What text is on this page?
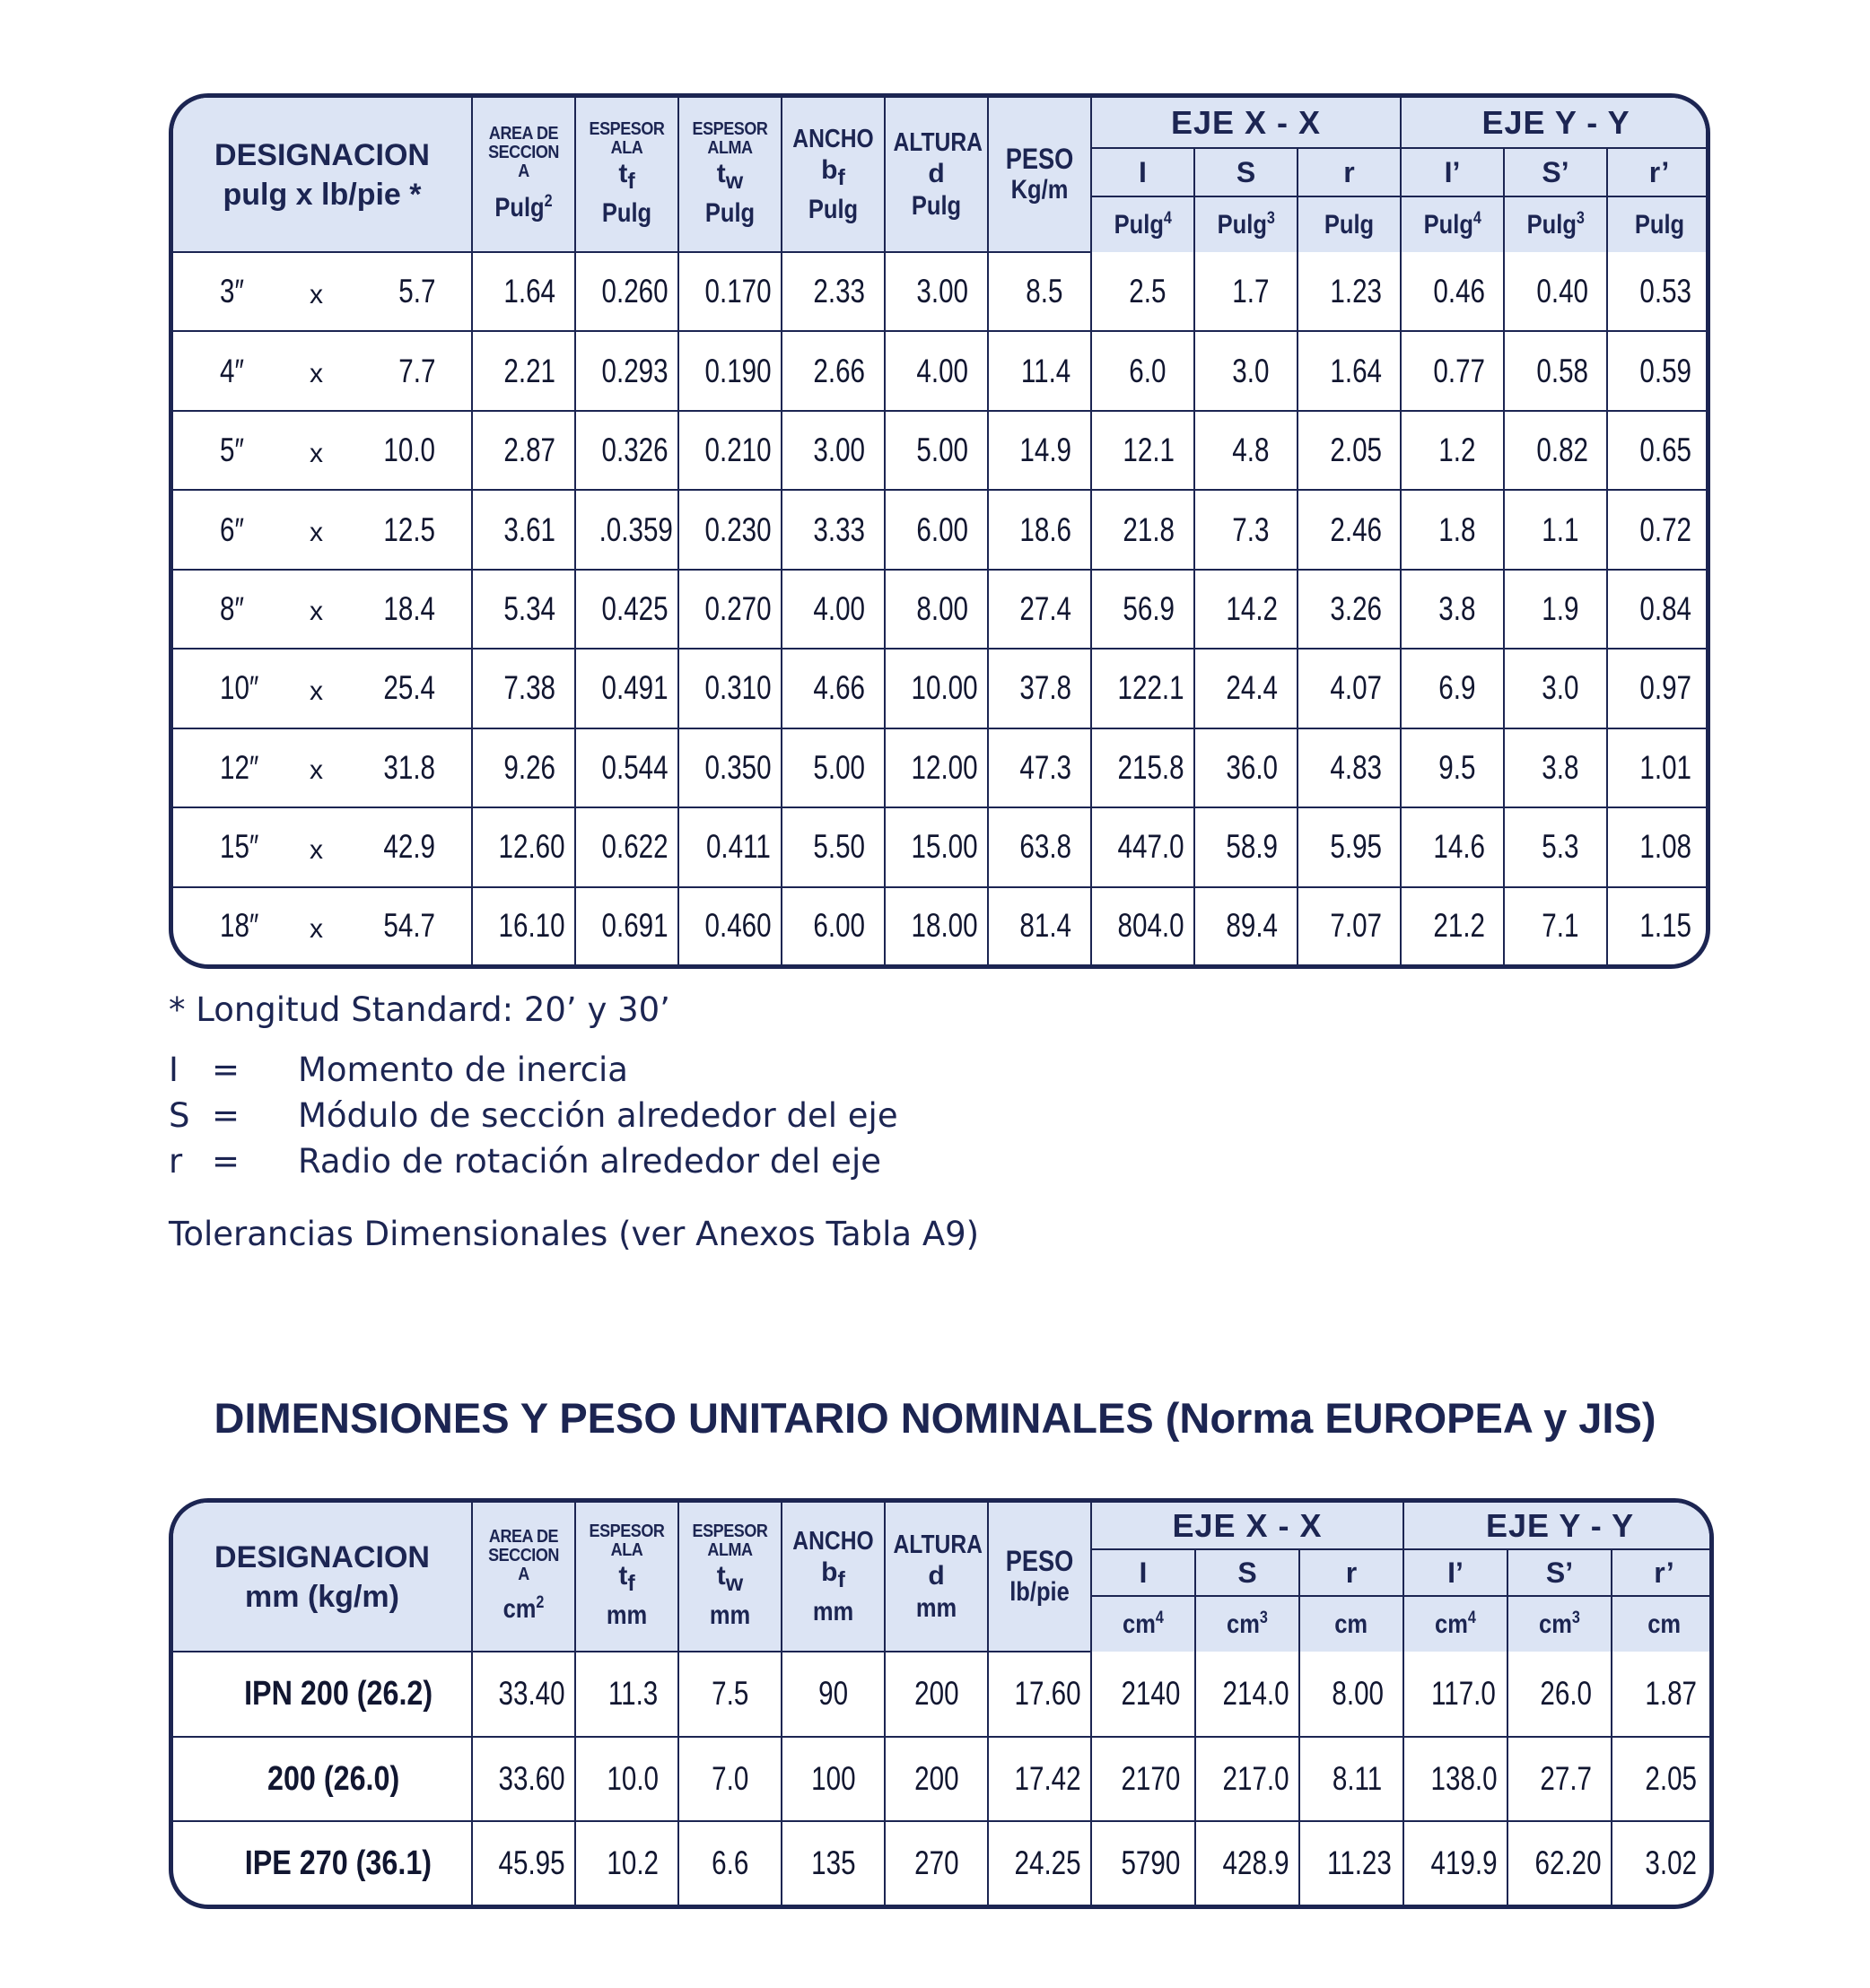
DESIGNACION
pulg x lb/pie *	AREA DE
SECCION
A
Pulg$^2$	ESPESOR
ALA
$t_f$
Pulg	ESPESOR
ALMA
$t_w$
Pulg	ANCHO
$b_f$
Pulg	ALTURA
d
Pulg	PESO
Kg/m	EJE X - X			EJE Y - Y		
							I	S	r	I’	S’	r’
							Pulg$^4$	Pulg$^3$	Pulg	Pulg$^4$	Pulg$^3$	Pulg

3″ x 5.7	1.64	0.260	0.170	2.33	3.00	8.5	2.5	1.7	1.23	0.46	0.40	0.53

4″ x 7.7	2.21	0.293	0.190	2.66	4.00	11.4	6.0	3.0	1.64	0.77	0.58	0.59

5″ x 10.0	2.87	0.326	0.210	3.00	5.00	14.9	12.1	4.8	2.05	1.2	0.82	0.65

6″ x 12.5	3.61	.0.359	0.230	3.33	6.00	18.6	21.8	7.3	2.46	1.8	1.1	0.72

8″ x 18.4	5.34	0.425	0.270	4.00	8.00	27.4	56.9	14.2	3.26	3.8	1.9	0.84

10″ x 25.4	7.38	0.491	0.310	4.66	10.00	37.8	122.1	24.4	4.07	6.9	3.0	0.97

12″ x 31.8	9.26	0.544	0.350	5.00	12.00	47.3	215.8	36.0	4.83	9.5	3.8	1.01

15″ x 42.9	12.60	0.622	0.411	5.50	15.00	63.8	447.0	58.9	5.95	14.6	5.3	1.08

18″ x 54.7	16.10	0.691	0.460	6.00	18.00	81.4	804.0	89.4	7.07	21.2	7.1	1.15
* Longitud Standard: 20’ y 30’
I = Momento de inercia
S = Módulo de sección alrededor del eje
r = Radio de rotación alrededor del eje
Tolerancias Dimensionales (ver Anexos Tabla A9)
DIMENSIONES Y PESO UNITARIO NOMINALES (Norma EUROPEA y JIS)
DESIGNACION
mm (kg/m)	AREA DE
SECCION
A
$cm^2$	ESPESOR
ALA
$t_f$
mm	ESPESOR
ALMA
$t_w$
mm	ANCHO
$b_f$
mm	ALTURA
d
mm	PESO
lb/pie	EJE X - X			EJE Y - Y		
							I	S	r	I’	S’	r’
							$cm^4$	$cm^3$	cm	$cm^4$	$cm^3$	cm
IPN 200 (26.2)	33.40	11.3	7.5	90	200	17.60	2140	214.0	8.00	117.0	26.0	1.87
200 (26.0)	33.60	10.0	7.0	100	200	17.42	2170	217.0	8.11	138.0	27.7	2.05
IPE 270 (36.1)	45.95	10.2	6.6	135	270	24.25	5790	428.9	11.23	419.9	62.20	3.02
